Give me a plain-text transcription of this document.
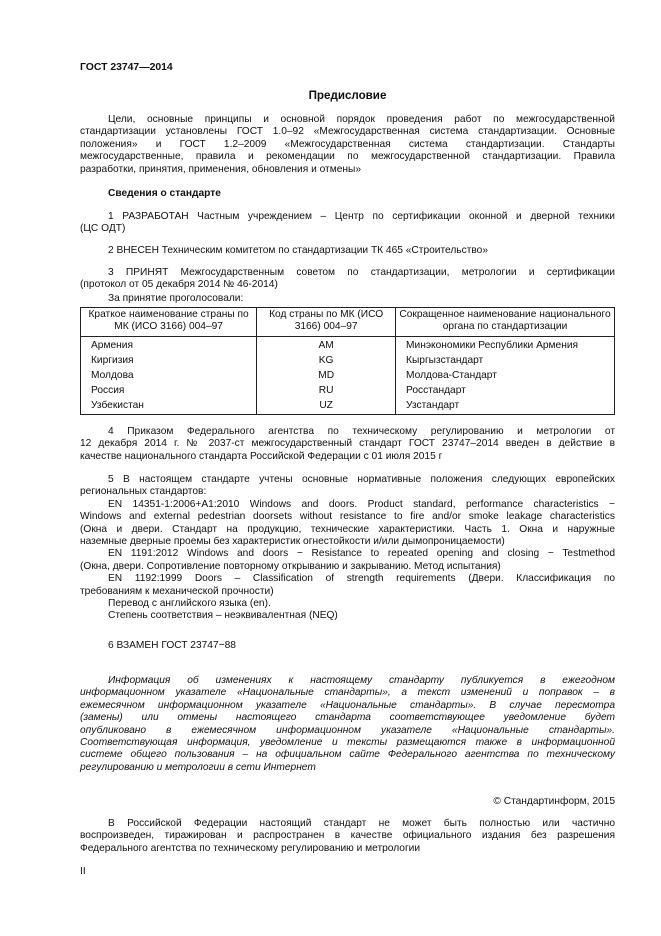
ГОСТ 23747—2014
Предисловие
Цели, основные принципы и основной порядок проведения работ по межгосударственной
стандартизации установлены ГОСТ 1.0–92 «Межгосударственная система стандартизации. Основные
положения» и ГОСТ 1.2–2009 «Межгосударственная система стандартизации. Стандарты
межгосударственные, правила и рекомендации по межгосударственной стандартизации. Правила
разработки, принятия, применения, обновления и отмены»
Сведения о стандарте
1 РАЗРАБОТАН Частным учреждением – Центр по сертификации оконной и дверной техники
(ЦС ОДТ)
2 ВНЕСЕН Техническим комитетом по стандартизации ТК 465 «Строительство»
3 ПРИНЯТ Межгосударственным советом по стандартизации, метрологии и сертификации
(протокол от 05 декабря 2014 № 46-2014)
За принятие проголосовали:
Краткое наименование страны по МК (ИСО 3166) 004–97	Код страны по МК (ИСО 3166) 004–97	Сокращенное наименование национального органа по стандартизации
Армения	AM	Минэкономики Республики Армения
Киргизия	KG	Кыргызстандарт
Молдова	MD	Молдова-Стандарт
Россия	RU	Росстандарт
Узбекистан	UZ	Узстандарт
4 Приказом Федерального агентства по техническому регулированию и метрологии от
12 декабря 2014 г. № 2037-ст межгосударственный стандарт ГОСТ 23747–2014 введен в действие в
качестве национального стандарта Российской Федерации с 01 июля 2015 г
5 В настоящем стандарте учтены основные нормативные положения следующих европейских
региональных стандартов:
EN 14351-1:2006+A1:2010 Windows and doors. Product standard, performance characteristics −
Windows and external pedestrian doorsets without resistance to fire and/or smoke leakage characteristics
(Окна и двери. Стандарт на продукцию, технические характеристики. Часть 1. Окна и наружные
наземные дверные проемы без характеристик огнестойкости и/или дымопроницаемости)
EN 1191:2012 Windows and doors − Resistance to repeated opening and closing − Testmethod
(Окна, двери. Сопротивление повторному открыванию и закрыванию. Метод испытания)
EN 1192:1999 Doors – Classification of strength requirements (Двери. Классификация по
требованиям к механической прочности)
Перевод с английского языка (en).
Степень соответствия – неэквивалентная (NEQ)
6 ВЗАМЕН ГОСТ 23747−88
Информация об изменениях к настоящему стандарту публикуется в ежегодном
информационном указателе «Национальные стандарты», а текст изменений и поправок – в
ежемесячном информационном указателе «Национальные стандарты». В случае пересмотра
(замены) или отмены настоящего стандарта соответствующее уведомление будет
опубликовано в ежемесячном информационном указателе «Национальные стандарты».
Соответствующая информация, уведомление и тексты размещаются также в информационной
системе общего пользования – на официальном сайте Федерального агентства по техническому
регулированию и метрологии в сети Интернет
© Стандартинформ, 2015
В Российской Федерации настоящий стандарт не может быть полностью или частично
воспроизведен, тиражирован и распространен в качестве официального издания без разрешения
Федерального агентства по техническому регулированию и метрологии
II
